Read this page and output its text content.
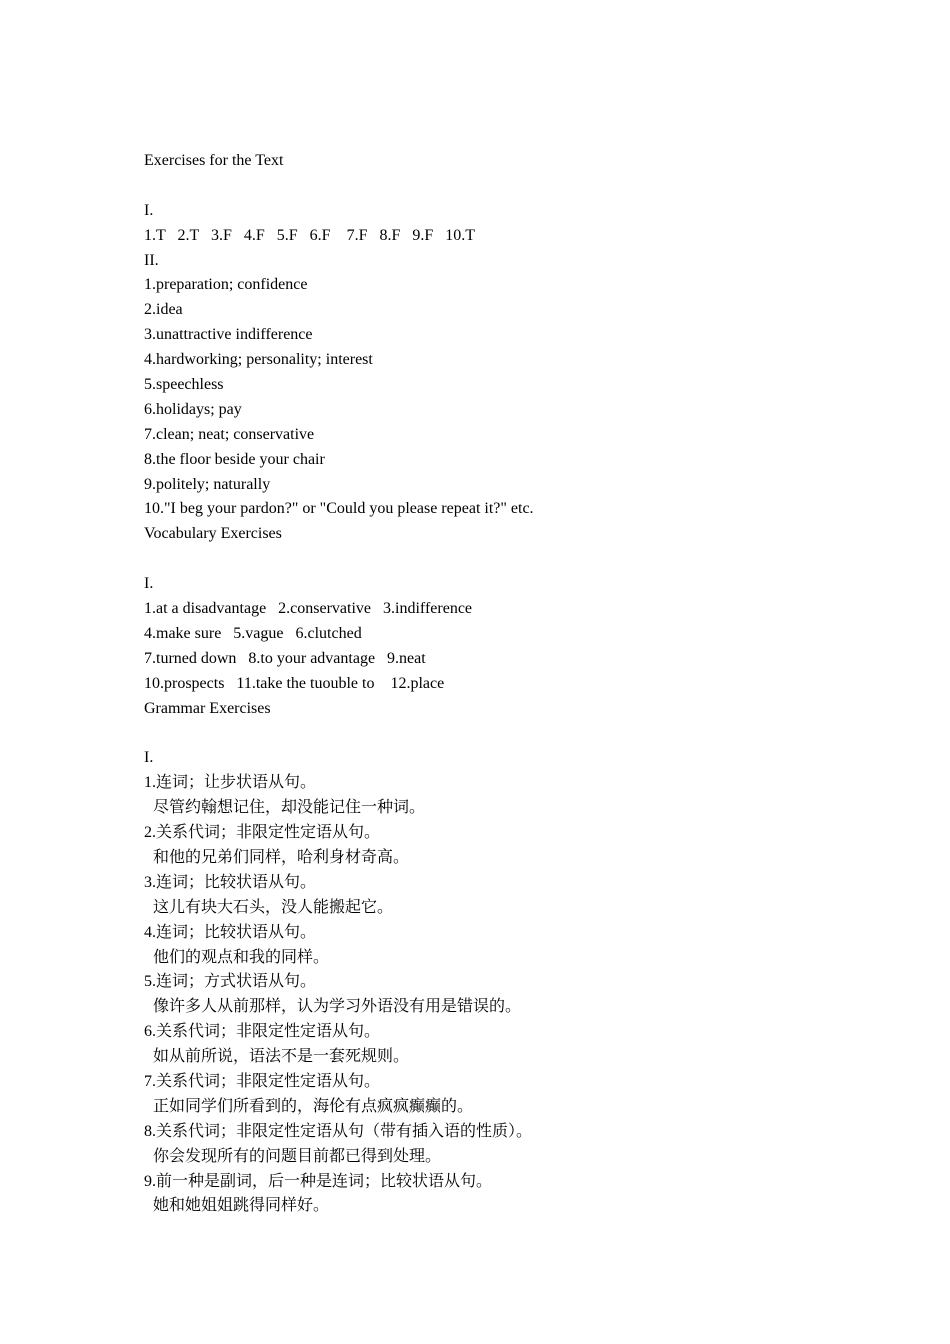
Exercises for the Text
I.
1.T   2.T   3.F   4.F   5.F   6.F    7.F   8.F   9.F   10.T
II.
1.preparation; confidence
2.idea
3.unattractive indifference
4.hardworking; personality; interest
5.speechless
6.holidays; pay
7.clean; neat; conservative
8.the floor beside your chair
9.politely; naturally
10."I beg your pardon?" or "Could you please repeat it?" etc.
Vocabulary Exercises
I.
1.at a disadvantage   2.conservative   3.indifference
4.make sure   5.vague   6.clutched
7.turned down   8.to your advantage   9.neat
10.prospects   11.take the tuouble to    12.place
Grammar Exercises
I.
1.连词；让步状语从句。
尽管约翰想记住，却没能记住一种词。
2.关系代词；非限定性定语从句。
和他的兄弟们同样，哈利身材奇高。
3.连词；比较状语从句。
这儿有块大石头，没人能搬起它。
4.连词；比较状语从句。
他们的观点和我的同样。
5.连词；方式状语从句。
像许多人从前那样，认为学习外语没有用是错误的。
6.关系代词；非限定性定语从句。
如从前所说，语法不是一套死规则。
7.关系代词；非限定性定语从句。
正如同学们所看到的，海伦有点疯疯癫癫的。
8.关系代词；非限定性定语从句（带有插入语的性质）。
你会发现所有的问题目前都已得到处理。
9.前一种是副词，后一种是连词；比较状语从句。
她和她姐姐跳得同样好。
